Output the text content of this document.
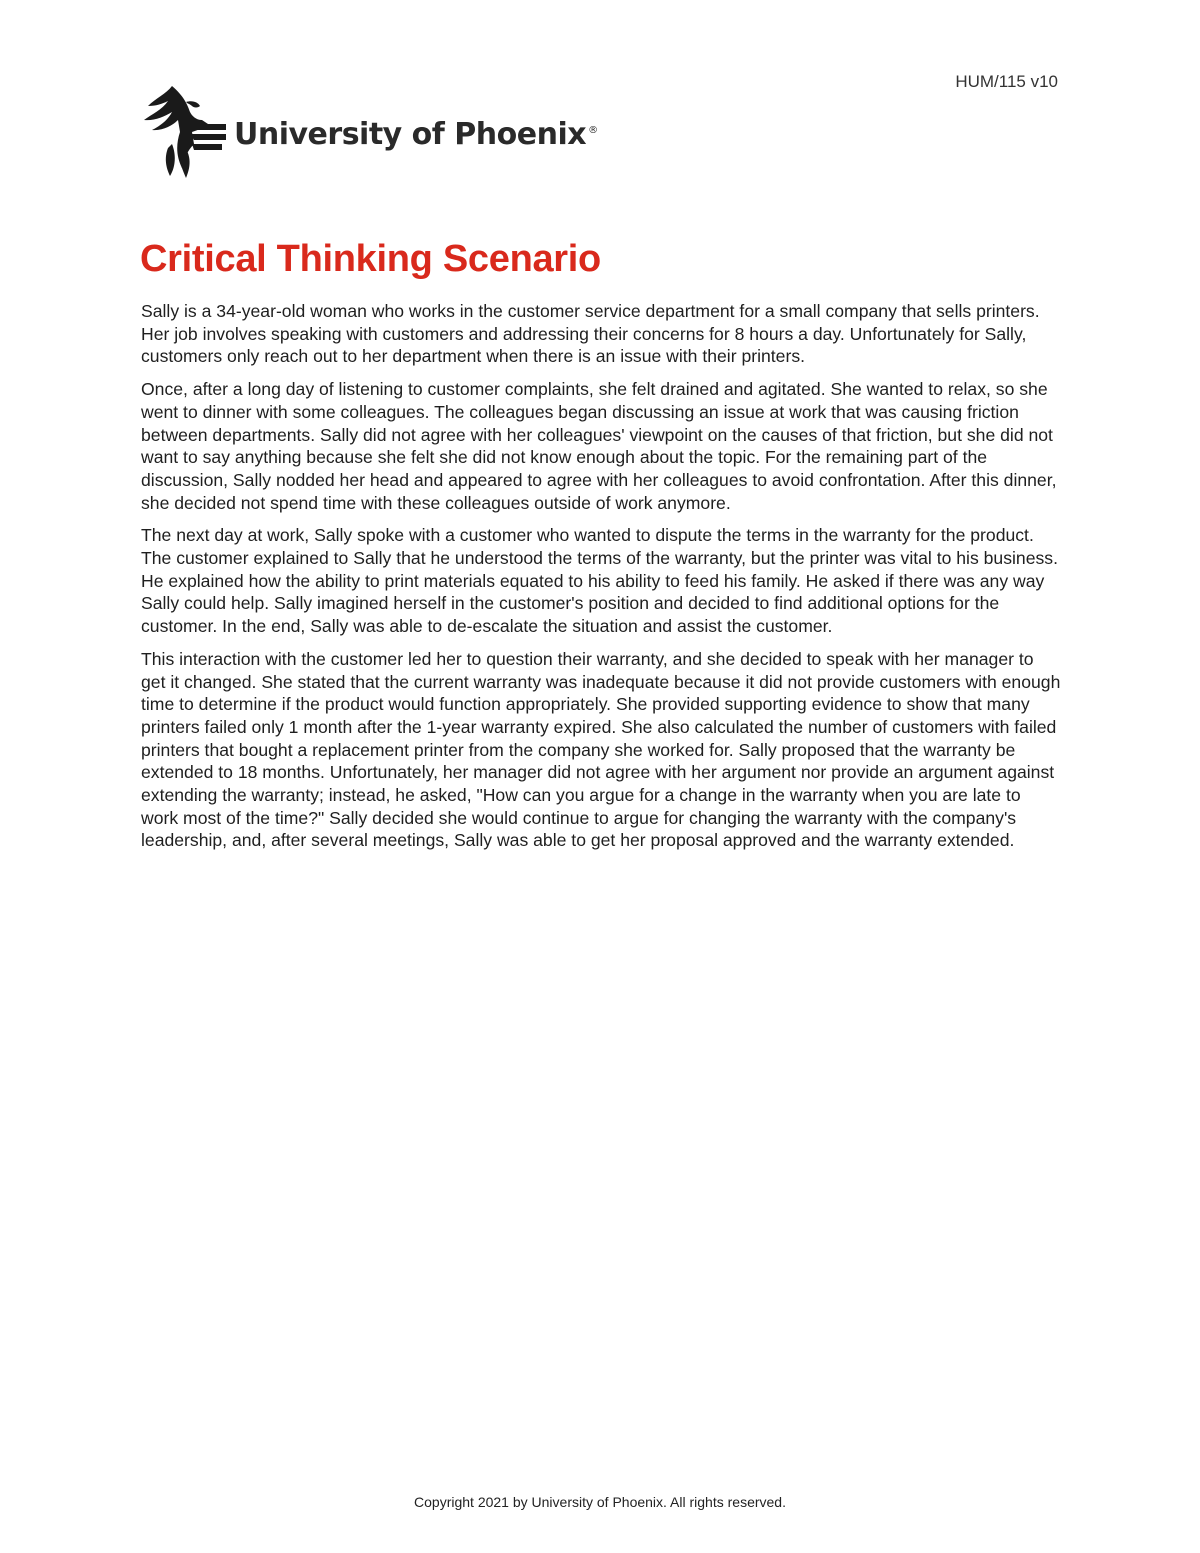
HUM/115 v10
University of Phoenix ®
Critical Thinking Scenario

Sally is a 34-year-old woman who works in the customer service department for a small company that sells printers. Her job involves speaking with customers and addressing their concerns for 8 hours a day. Unfortunately for Sally, customers only reach out to her department when there is an issue with their printers.

Once, after a long day of listening to customer complaints, she felt drained and agitated. She wanted to relax, so she went to dinner with some colleagues. The colleagues began discussing an issue at work that was causing friction between departments. Sally did not agree with her colleagues' viewpoint on the causes of that friction, but she did not want to say anything because she felt she did not know enough about the topic. For the remaining part of the discussion, Sally nodded her head and appeared to agree with her colleagues to avoid confrontation. After this dinner, she decided not spend time with these colleagues outside of work anymore.

The next day at work, Sally spoke with a customer who wanted to dispute the terms in the warranty for the product. The customer explained to Sally that he understood the terms of the warranty, but the printer was vital to his business. He explained how the ability to print materials equated to his ability to feed his family. He asked if there was any way Sally could help. Sally imagined herself in the customer's position and decided to find additional options for the customer. In the end, Sally was able to de-escalate the situation and assist the customer.

This interaction with the customer led her to question their warranty, and she decided to speak with her manager to get it changed. She stated that the current warranty was inadequate because it did not provide customers with enough time to determine if the product would function appropriately. She provided supporting evidence to show that many printers failed only 1 month after the 1-year warranty expired. She also calculated the number of customers with failed printers that bought a replacement printer from the company she worked for. Sally proposed that the warranty be extended to 18 months. Unfortunately, her manager did not agree with her argument nor provide an argument against extending the warranty; instead, he asked, "How can you argue for a change in the warranty when you are late to work most of the time?" Sally decided she would continue to argue for changing the warranty with the company's leadership, and, after several meetings, Sally was able to get her proposal approved and the warranty extended.

Copyright 2021 by University of Phoenix. All rights reserved.
